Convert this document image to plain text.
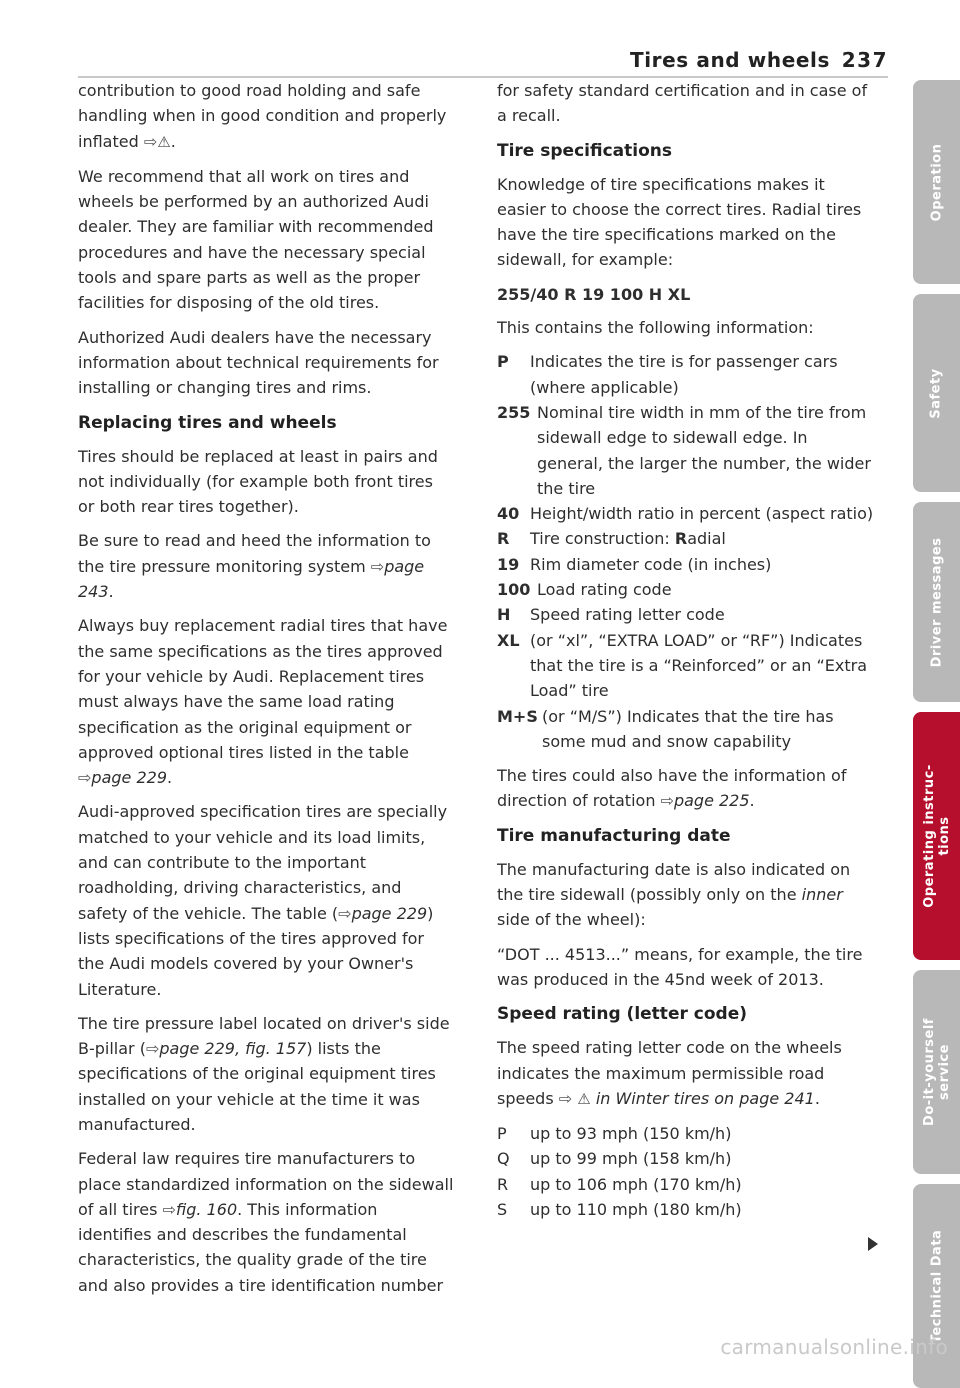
Tires and wheels 237

contribution to good road holding and safe handling when in good condition and properly inflated ⇨⚠.

We recommend that all work on tires and wheels be performed by an authorized Audi dealer. They are familiar with recommended procedures and have the necessary special tools and spare parts as well as the proper facilities for disposing of the old tires.

Authorized Audi dealers have the necessary information about technical requirements for installing or changing tires and rims.

Replacing tires and wheels

Tires should be replaced at least in pairs and not individually (for example both front tires or both rear tires together).

Be sure to read and heed the information to the tire pressure monitoring system ⇨page 243.

Always buy replacement radial tires that have the same specifications as the tires approved for your vehicle by Audi. Replacement tires must always have the same load rating specification as the original equipment or approved optional tires listed in the table ⇨page 229.

Audi-approved specification tires are specially matched to your vehicle and its load limits, and can contribute to the important roadholding, driving characteristics, and safety of the vehicle. The table (⇨page 229) lists specifications of the tires approved for the Audi models covered by your Owner's Literature.

The tire pressure label located on driver's side B-pillar (⇨page 229, fig. 157) lists the specifications of the original equipment tires installed on your vehicle at the time it was manufactured.

Federal law requires tire manufacturers to place standardized information on the sidewall of all tires ⇨fig. 160. This information identifies and describes the fundamental characteristics, the quality grade of the tire and also provides a tire identification number

for safety standard certification and in case of a recall.

Tire specifications

Knowledge of tire specifications makes it easier to choose the correct tires. Radial tires have the tire specifications marked on the sidewall, for example:

255/40 R 19 100 H XL

This contains the following information:

P Indicates the tire is for passenger cars (where applicable)
255 Nominal tire width in mm of the tire from sidewall edge to sidewall edge. In general, the larger the number, the wider the tire
40 Height/width ratio in percent (aspect ratio)
R Tire construction: Radial
19 Rim diameter code (in inches)
100 Load rating code
H Speed rating letter code
XL (or “xl”, “EXTRA LOAD” or “RF”) Indicates that the tire is a “Reinforced” or an “Extra Load” tire
M+S (or “M/S”) Indicates that the tire has some mud and snow capability

The tires could also have the information of direction of rotation ⇨page 225.

Tire manufacturing date

The manufacturing date is also indicated on the tire sidewall (possibly only on the inner side of the wheel):

“DOT ... 4513...” means, for example, the tire was produced in the 45nd week of 2013.

Speed rating (letter code)

The speed rating letter code on the wheels indicates the maximum permissible road speeds ⇨ ⚠ in Winter tires on page 241.

P up to 93 mph (150 km/h)
Q up to 99 mph (158 km/h)
R up to 106 mph (170 km/h)
S up to 110 mph (180 km/h)
Operation
Safety
Driver messages
Operating instruc-
tions
Do-it-yourself
service
Technical Data
carmanualsonline.info
